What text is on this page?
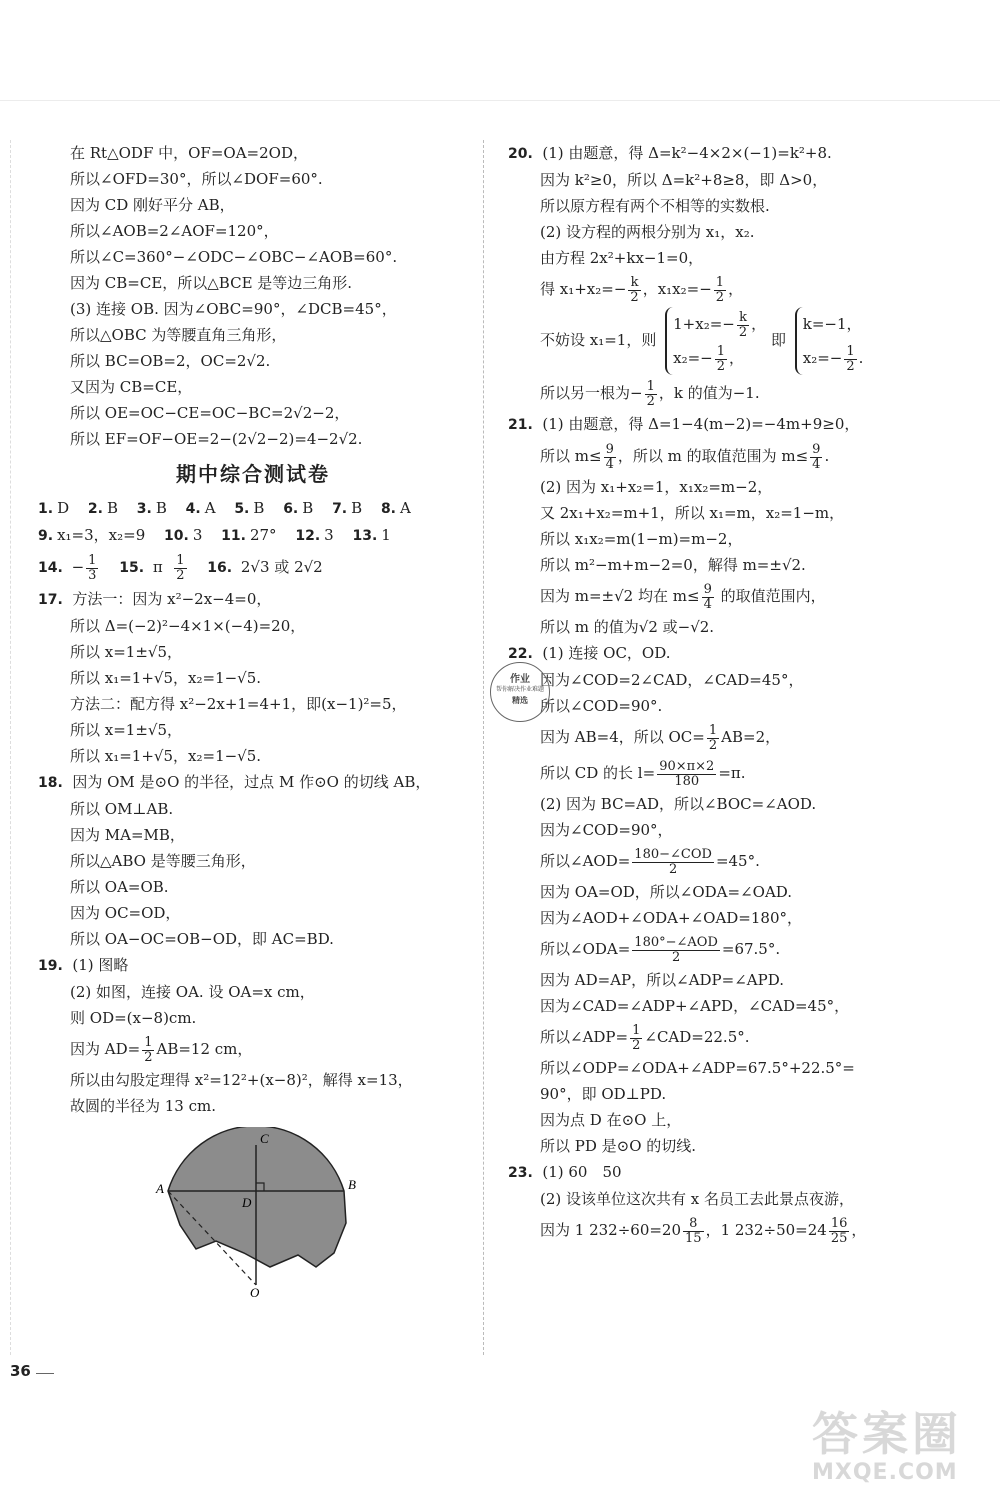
在 Rt△ODF 中，OF=OA=2OD，
所以∠OFD=30°，所以∠DOF=60°.
因为 CD 刚好平分 AB，
所以∠AOB=2∠AOF=120°，
所以∠C=360°−∠ODC−∠OBC−∠AOB=60°.
因为 CB=CE，所以△BCE 是等边三角形.
(3) 连接 OB. 因为∠OBC=90°，∠DCB=45°，
所以△OBC 为等腰直角三角形，
所以 BC=OB=2，OC=2√2.
又因为 CB=CE，
所以 OE=OC−CE=OC−BC=2√2−2，
所以 EF=OF−OE=2−(2√2−2)=4−2√2.
期中综合测试卷
1. D 2. B 3. B 4. A 5. B 6. B 7. B 8. A
9. x₁=3，x₂=9 10. 3 11. 27° 12. 3 13. 1
14. − $\frac{1}{3} 15$. π $\frac{1}{2} 16$. 2√3 或 2√2
17. 方法一：因为 x²−2x−4=0，
所以 Δ=(−2)²−4×1×(−4)=20，
所以 x=1±√5，
所以 x₁=1+√5，x₂=1−√5.
方法二：配方得 x²−2x+1=4+1，即(x−1)²=5，
所以 x=1±√5，
所以 x₁=1+√5，x₂=1−√5.
18. 因为 OM 是⊙O 的半径，过点 M 作⊙O 的切线 AB，
所以 OM⊥AB.
因为 MA=MB，
所以△ABO 是等腰三角形，
所以 OA=OB.
因为 OC=OD，
所以 OA−OC=OB−OD，即 AC=BD.
19. (1) 图略
(2) 如图，连接 OA. 设 OA=x cm，
则 OD=(x−8)cm.
因为 $AD= \frac{1}{2} AB=12$ cm，
所以由勾股定理得 x²=12²+(x−8)²，解得 x=13，
故圆的半径为 13 cm.
C
A	B
D
O
20. (1) 由题意，得 Δ=k²−4×2×(−1)=k²+8.
因为 k²≥0，所以 Δ=k²+8≥8，即 Δ>0，
所以原方程有两个不相等的实数根.
(2) 设方程的两根分别为 x₁，x₂.
由方程 2x²+kx−1=0，
得 $x_1+x_2=- \frac{k}{2}$ ，$x_1x_2=- \frac{1}{2}$ ，
不妨设 x₁=1，则
$1+x_2=- \frac{k}{2}$ ，
$x_2=- \frac{1}{2}$ ，
即
k=−1，
$x_2=- \frac{1}{2}$ .
所以另一根为− $\frac{1}{2}$ ，k 的值为−1.
21. (1) 由题意，得 Δ=1−4(m−2)=−4m+9≥0，
所以 $m\le \frac{9}{4}$ ，所以 m 的取值范围为 $m\le \frac{9}{4}$ .
(2) 因为 x₁+x₂=1，x₁x₂=m−2，
又 2x₁+x₂=m+1，所以 x₁=m，x₂=1−m，
所以 x₁x₂=m(1−m)=m−2，
所以 m²−m+m−2=0，解得 m=±√2.
因为 m=±√2 均在 $m\le \frac{9}{4}$ 的取值范围内，
所以 m 的值为√2 或−√2.
22. (1) 连接 OC，OD.
因为∠COD=2∠CAD，∠CAD=45°，
所以∠COD=90°.
因为 AB=4，所以 $OC= \frac{1}{2} AB=2$，
所以 CD 的长 $l= \frac{90\times\pi\times 2}{180} =\pi$.
(2) 因为 BC=AD，所以∠BOC=∠AOD.
因为∠COD=90°，
所以∠AOD= $\frac{\text{180−∠COD}}{2} =45^\circ$.
因为 OA=OD，所以∠ODA=∠OAD.
因为∠AOD+∠ODA+∠OAD=180°，
所以∠ODA= $\frac{\text{180°−∠AOD}}{2} =67.5^\circ$.
因为 AD=AP，所以∠ADP=∠APD.
因为∠CAD=∠ADP+∠APD，∠CAD=45°，
所以∠ADP= $\frac{1}{2}$ ∠CAD=22.5°.
所以∠ODP=∠ODA+∠ADP=67.5°+22.5°=
90°，即 OD⊥PD.
因为点 D 在⊙O 上，
所以 PD 是⊙O 的切线.
23. (1) 60　50
(2) 设该单位这次共有 x 名员工去此景点夜游，
因为 1 $232\div 60=20 \frac{8}{15}$ ，1 $232\div 50=24 \frac{16}{25}$ ，
作业
帮你解决作业难题
精选
36
答案圈
MXQE.COM
